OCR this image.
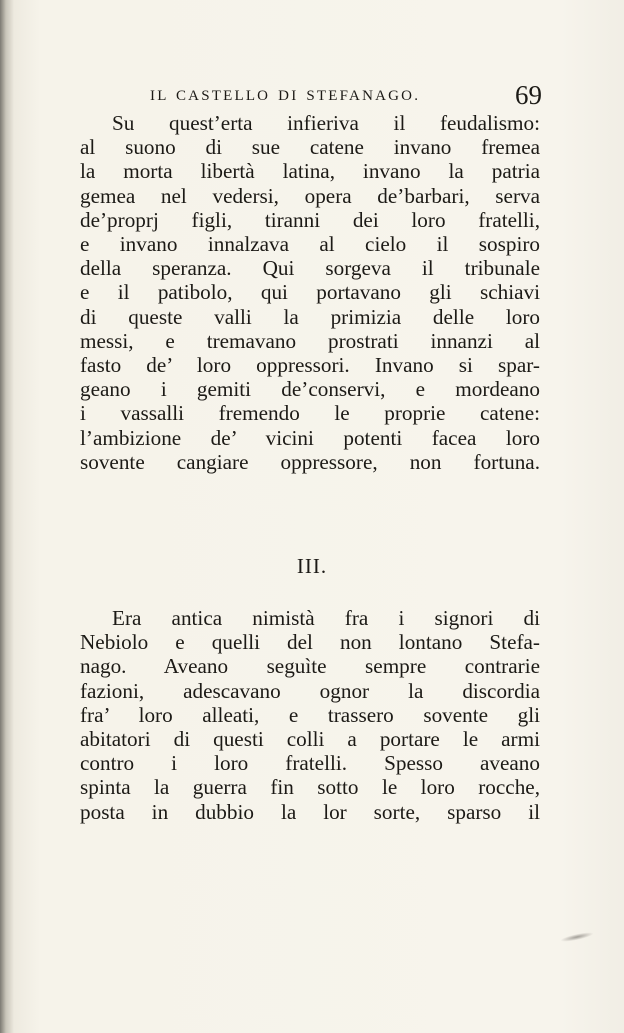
IL CASTELLO DI STEFANAGO.	69
Su quest’erta infieriva il feudalismo:
al suono di sue catene invano fremea
la morta libertà latina, invano la patria
gemea nel vedersi, opera de’barbari, serva
de’proprj figli, tiranni dei loro fratelli,
e invano innalzava al cielo il sospiro
della speranza. Qui sorgeva il tribunale
e il patibolo, qui portavano gli schiavi
di queste valli la primizia delle loro
messi, e tremavano prostrati innanzi al
fasto de’ loro oppressori. Invano si spar-
geano i gemiti de’conservi, e mordeano
i vassalli fremendo le proprie catene:
l’ambizione de’ vicini potenti facea loro
sovente cangiare oppressore, non fortuna.
III.
Era antica nimistà fra i signori di
Nebiolo e quelli del non lontano Stefa-
nago. Aveano seguìte sempre contrarie
fazioni, adescavano ognor la discordia
fra’ loro alleati, e trassero sovente gli
abitatori di questi colli a portare le armi
contro i loro fratelli. Spesso aveano
spinta la guerra fin sotto le loro rocche,
posta in dubbio la lor sorte, sparso il
